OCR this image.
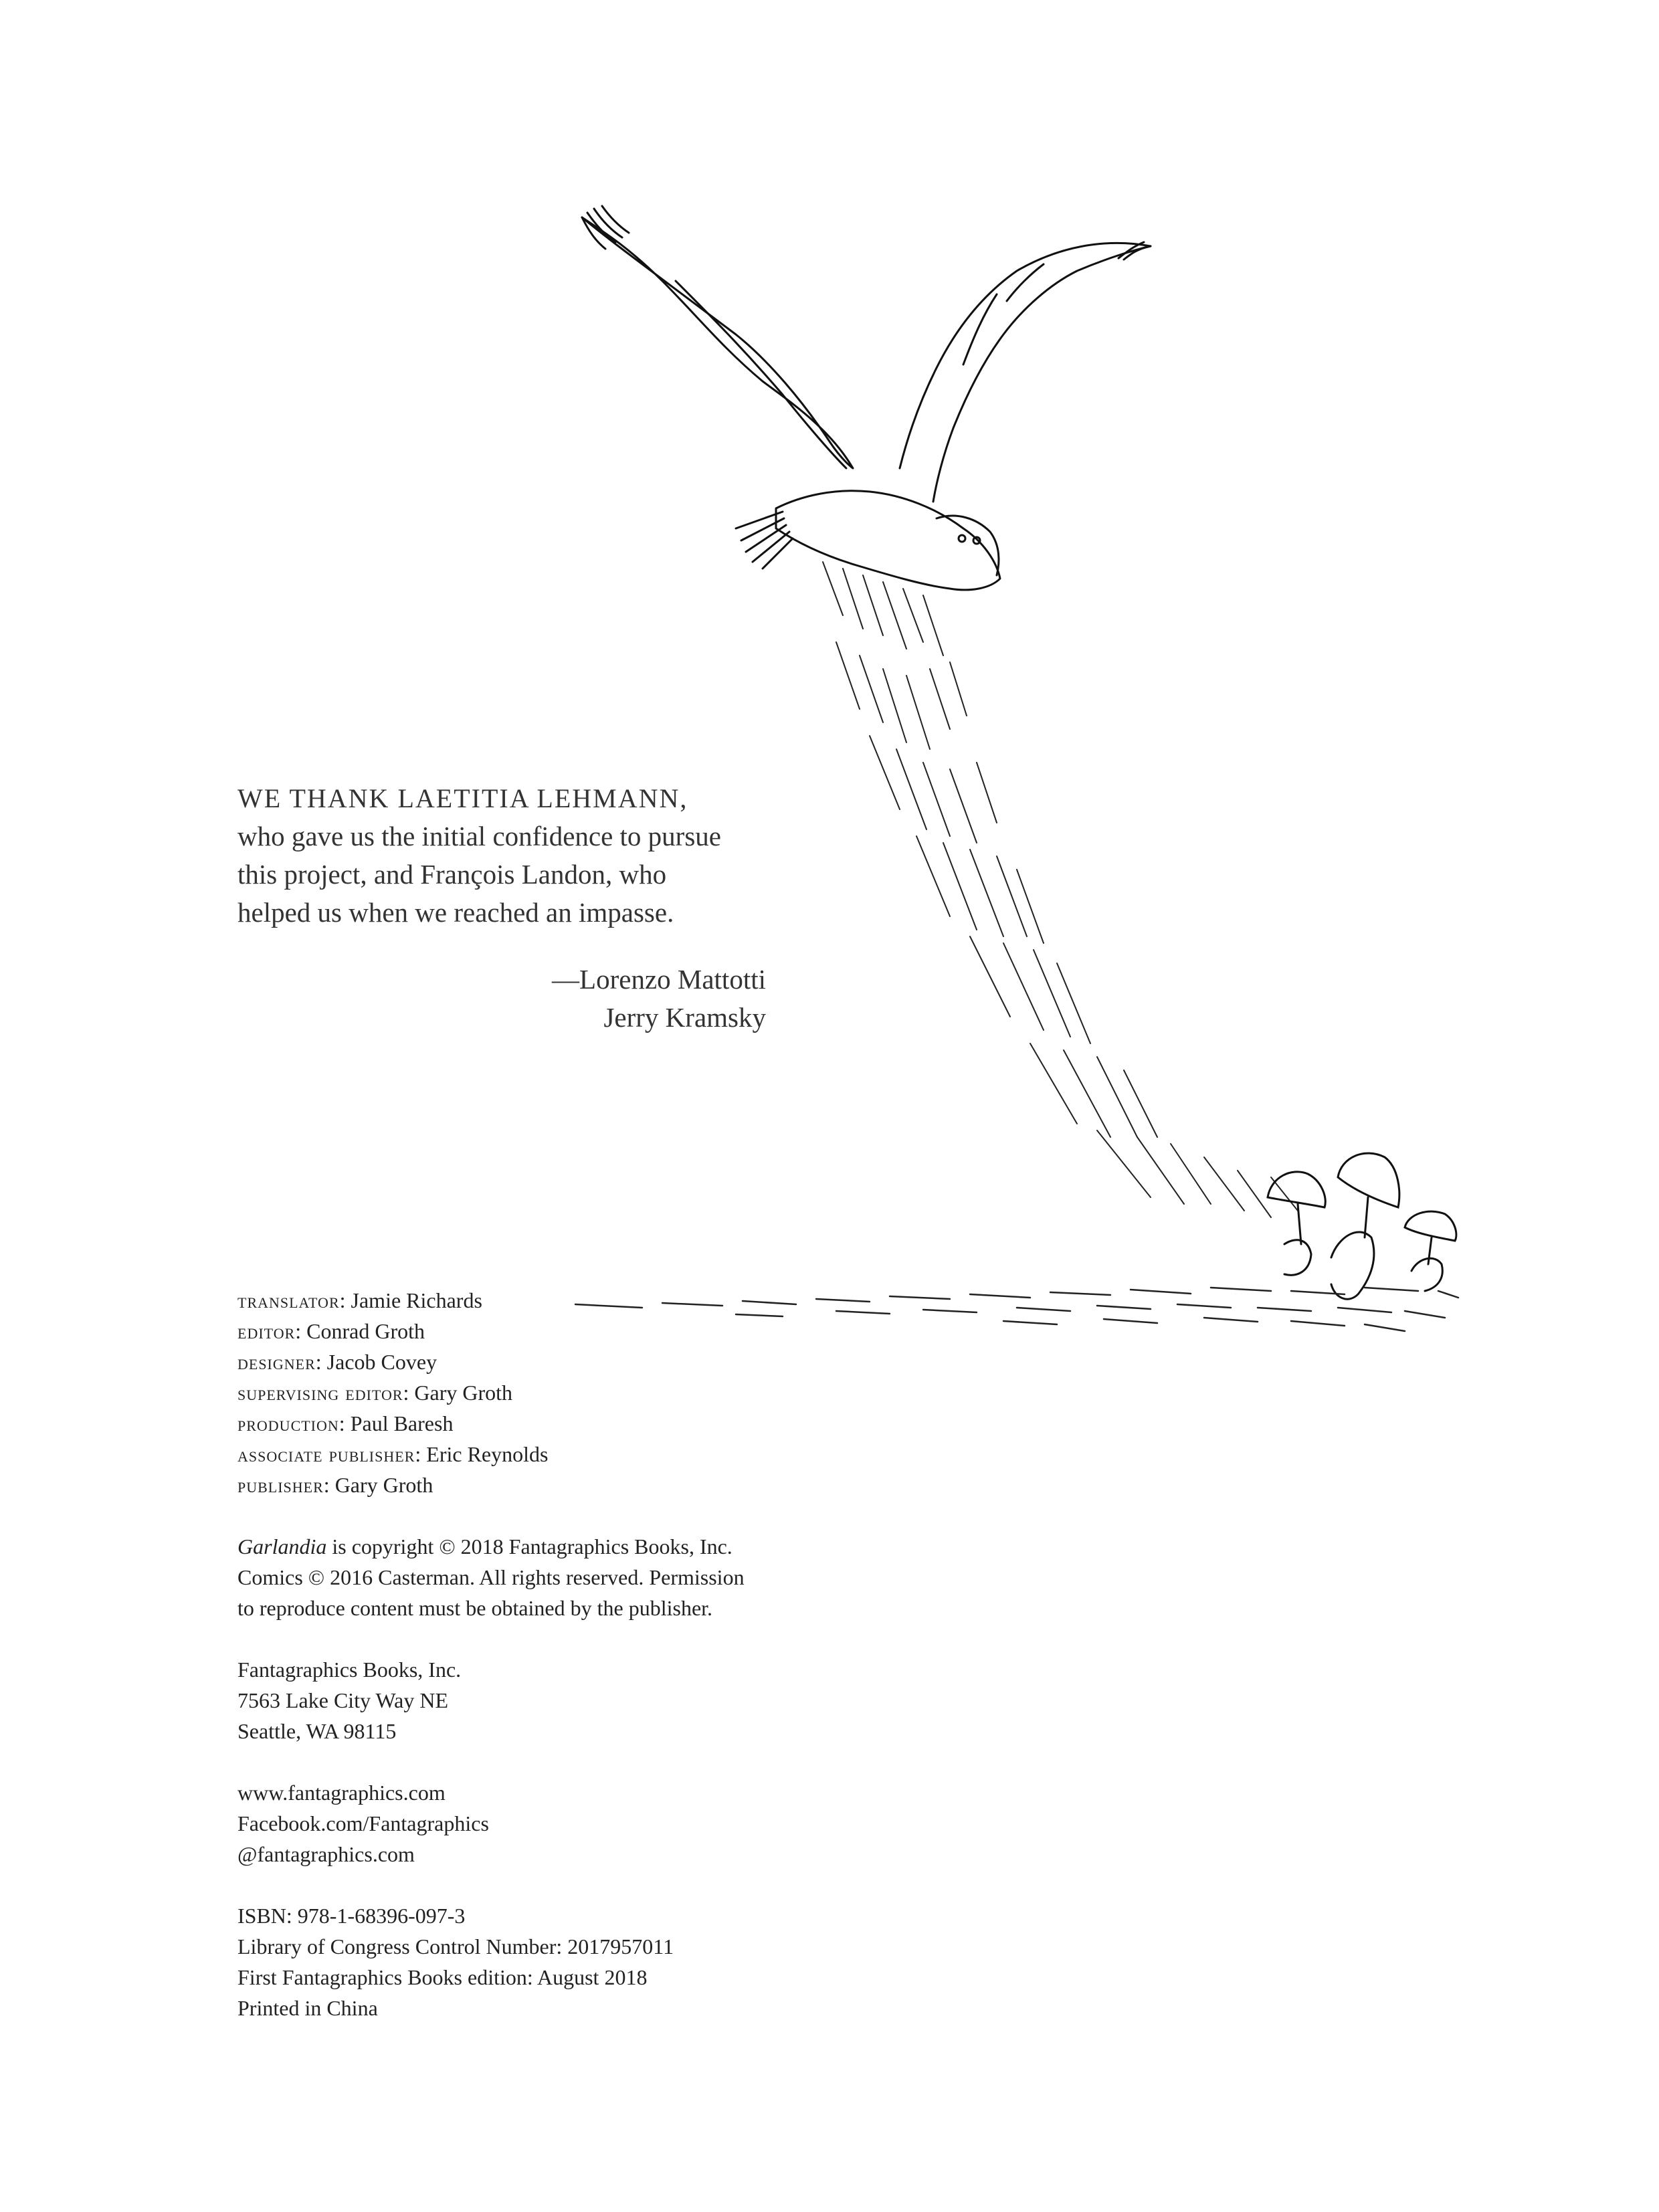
WE THANK LAETITIA LEHMANN,

who gave us the initial confidence to pursue

this project, and François Landon, who

helped us when we reached an impasse.

—Lorenzo Mattotti
Jerry Kramsky
translator: Jamie Richards
editor: Conrad Groth
designer: Jacob Covey
supervising editor: Gary Groth
production: Paul Baresh
associate publisher: Eric Reynolds
publisher: Gary Groth
Garlandia is copyright © 2018 Fantagraphics Books, Inc.
Comics © 2016 Casterman. All rights reserved. Permission
to reproduce content must be obtained by the publisher.
Fantagraphics Books, Inc.
7563 Lake City Way NE
Seattle, WA 98115
www.fantagraphics.com
Facebook.com/Fantagraphics
@fantagraphics.com
ISBN: 978-1-68396-097-3
Library of Congress Control Number: 2017957011
First Fantagraphics Books edition: August 2018
Printed in China
